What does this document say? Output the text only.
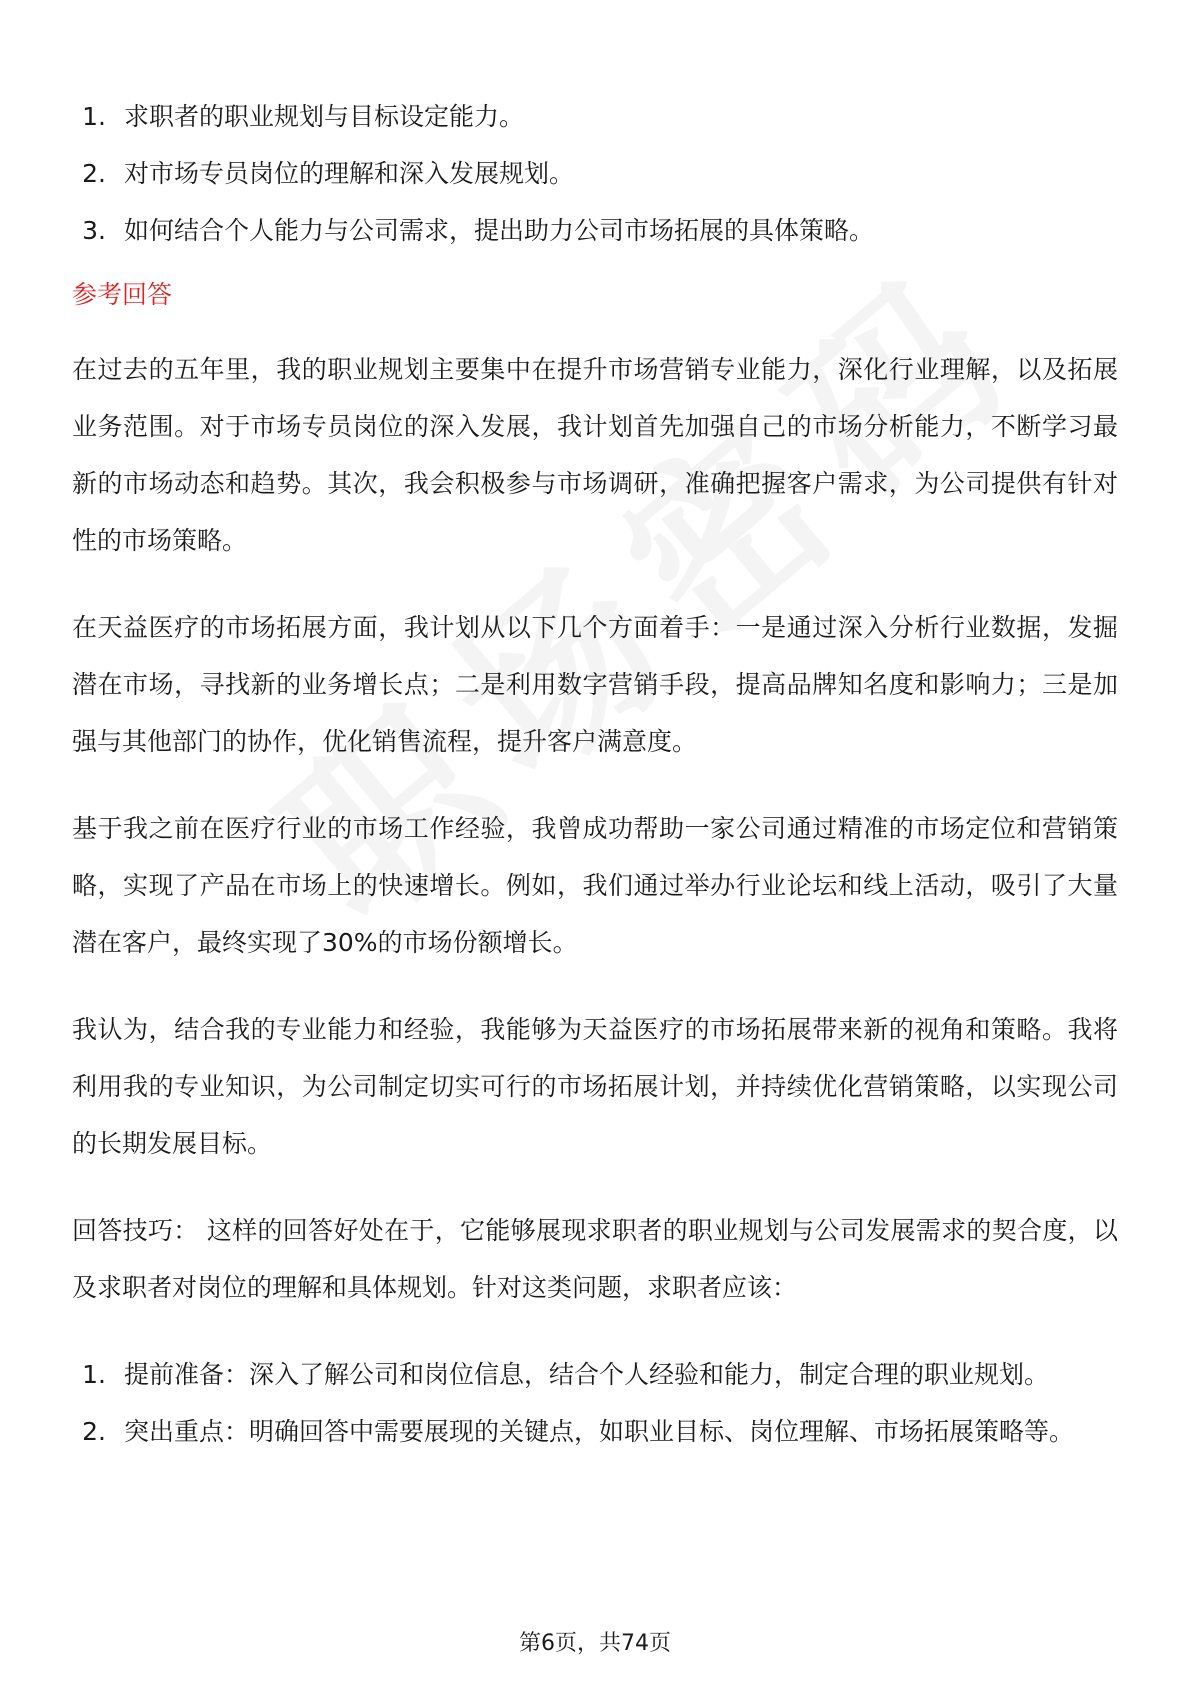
1. 求职者的职业规划与目标设定能力。
2. 对市场专员岗位的理解和深入发展规划。
3. 如何结合个人能力与公司需求，提出助力公司市场拓展的具体策略。
参考回答

在过去的五年里，我的职业规划主要集中在提升市场营销专业能力，深化行业理解，以及拓展业务范围。对于市场专员岗位的深入发展，我计划首先加强自己的市场分析能力，不断学习最新的市场动态和趋势。其次，我会积极参与市场调研，准确把握客户需求，为公司提供有针对性的市场策略。

在天益医疗的市场拓展方面，我计划从以下几个方面着手：一是通过深入分析行业数据，发掘潜在市场，寻找新的业务增长点；二是利用数字营销手段，提高品牌知名度和影响力；三是加强与其他部门的协作，优化销售流程，提升客户满意度。

基于我之前在医疗行业的市场工作经验，我曾成功帮助一家公司通过精准的市场定位和营销策略，实现了产品在市场上的快速增长。例如，我们通过举办行业论坛和线上活动，吸引了大量潜在客户，最终实现了30%的市场份额增长。

我认为，结合我的专业能力和经验，我能够为天益医疗的市场拓展带来新的视角和策略。我将利用我的专业知识，为公司制定切实可行的市场拓展计划，并持续优化营销策略，以实现公司的长期发展目标。

回答技巧： 这样的回答好处在于，它能够展现求职者的职业规划与公司发展需求的契合度，以及求职者对岗位的理解和具体规划。针对这类问题，求职者应该：

1. 提前准备：深入了解公司和岗位信息，结合个人经验和能力，制定合理的职业规划。
2. 突出重点：明确回答中需要展现的关键点，如职业目标、岗位理解、市场拓展策略等。
第6页，共74页
